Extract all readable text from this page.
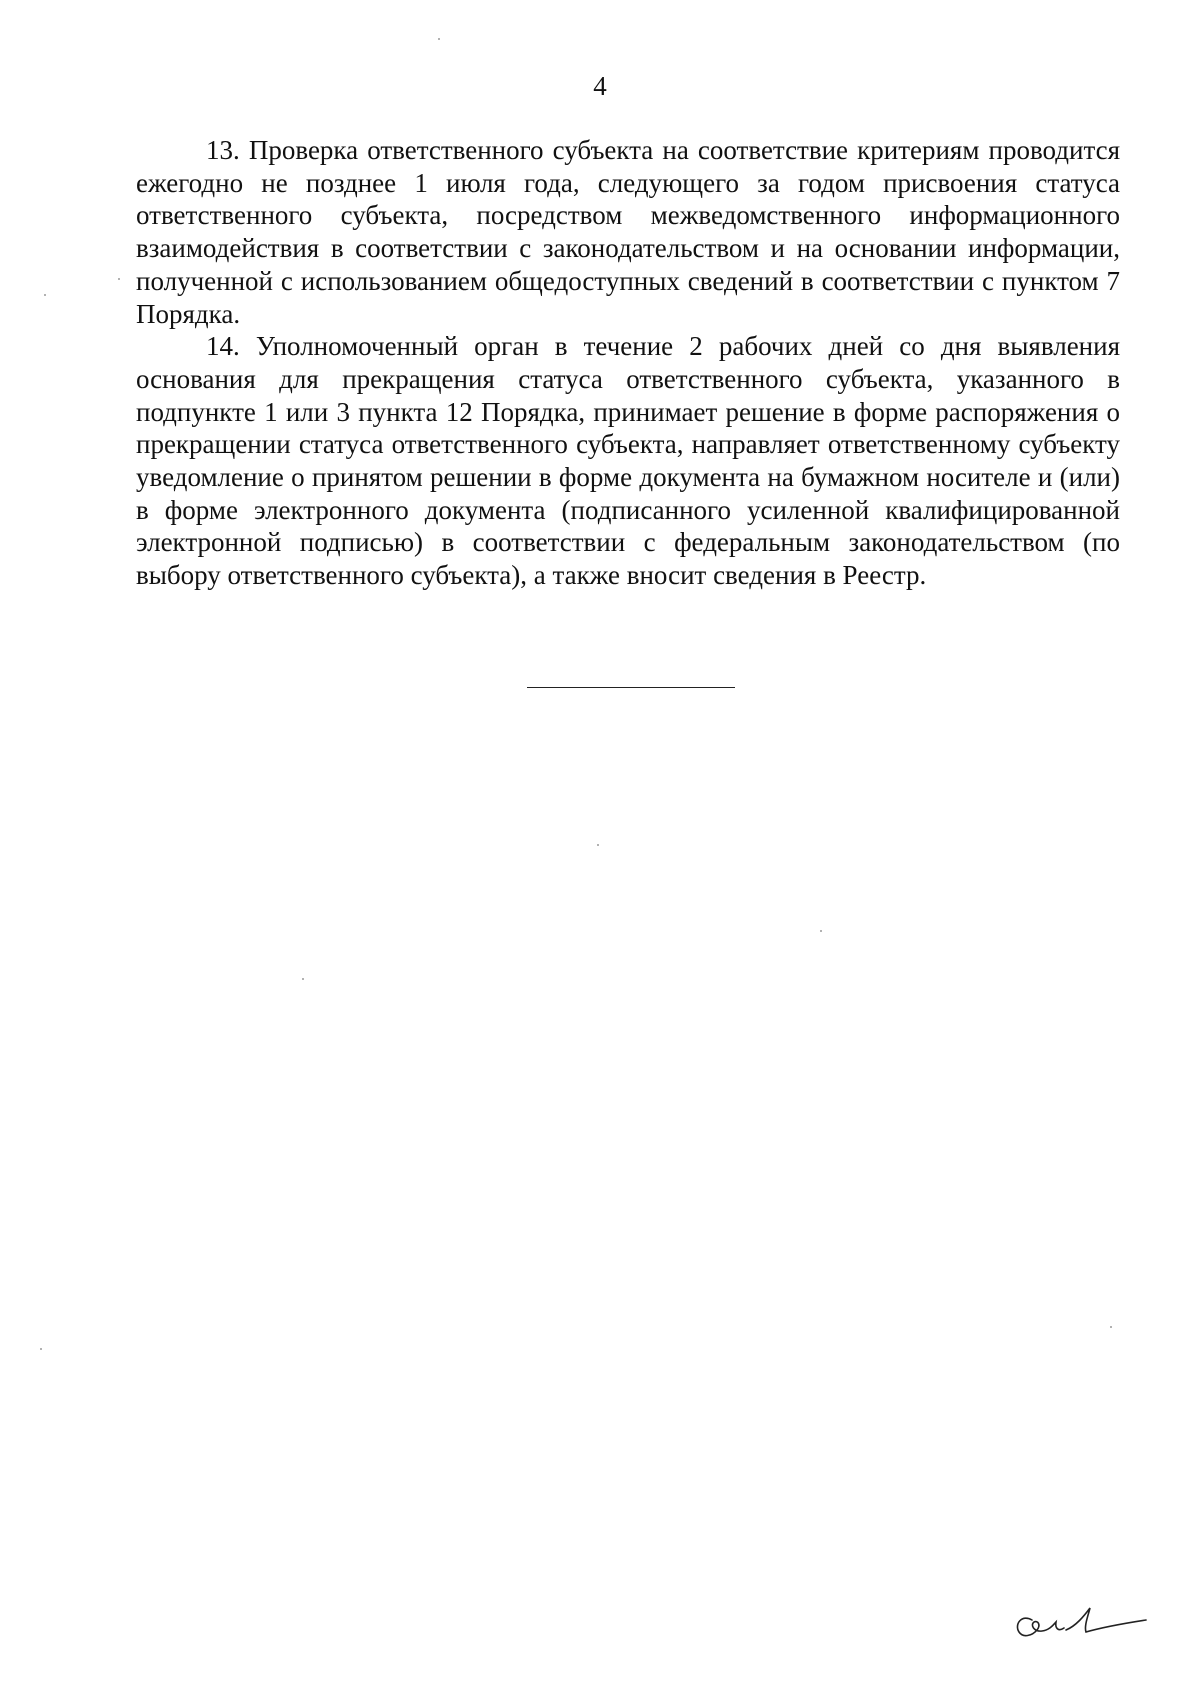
4

13. Проверка ответственного субъекта на соответствие критериям проводится ежегодно не позднее 1 июля года, следующего за годом присвоения статуса ответственного субъекта, посредством межведомственного информационного взаимодействия в соответствии с законодательством и на основании информации, полученной с использованием общедоступных сведений в соответствии с пунктом 7 Порядка.

14. Уполномоченный орган в течение 2 рабочих дней со дня выявления основания для прекращения статуса ответственного субъекта, указанного в подпункте 1 или 3 пункта 12 Порядка, принимает решение в форме распоряжения о прекращении статуса ответственного субъекта, направляет ответственному субъекту уведомление о принятом решении в форме документа на бумажном носителе и (или) в форме электронного документа (подписанного усиленной квалифицированной электронной подписью) в соответствии с федеральным законодательством (по выбору ответственного субъекта), а также вносит сведения в Реестр.
